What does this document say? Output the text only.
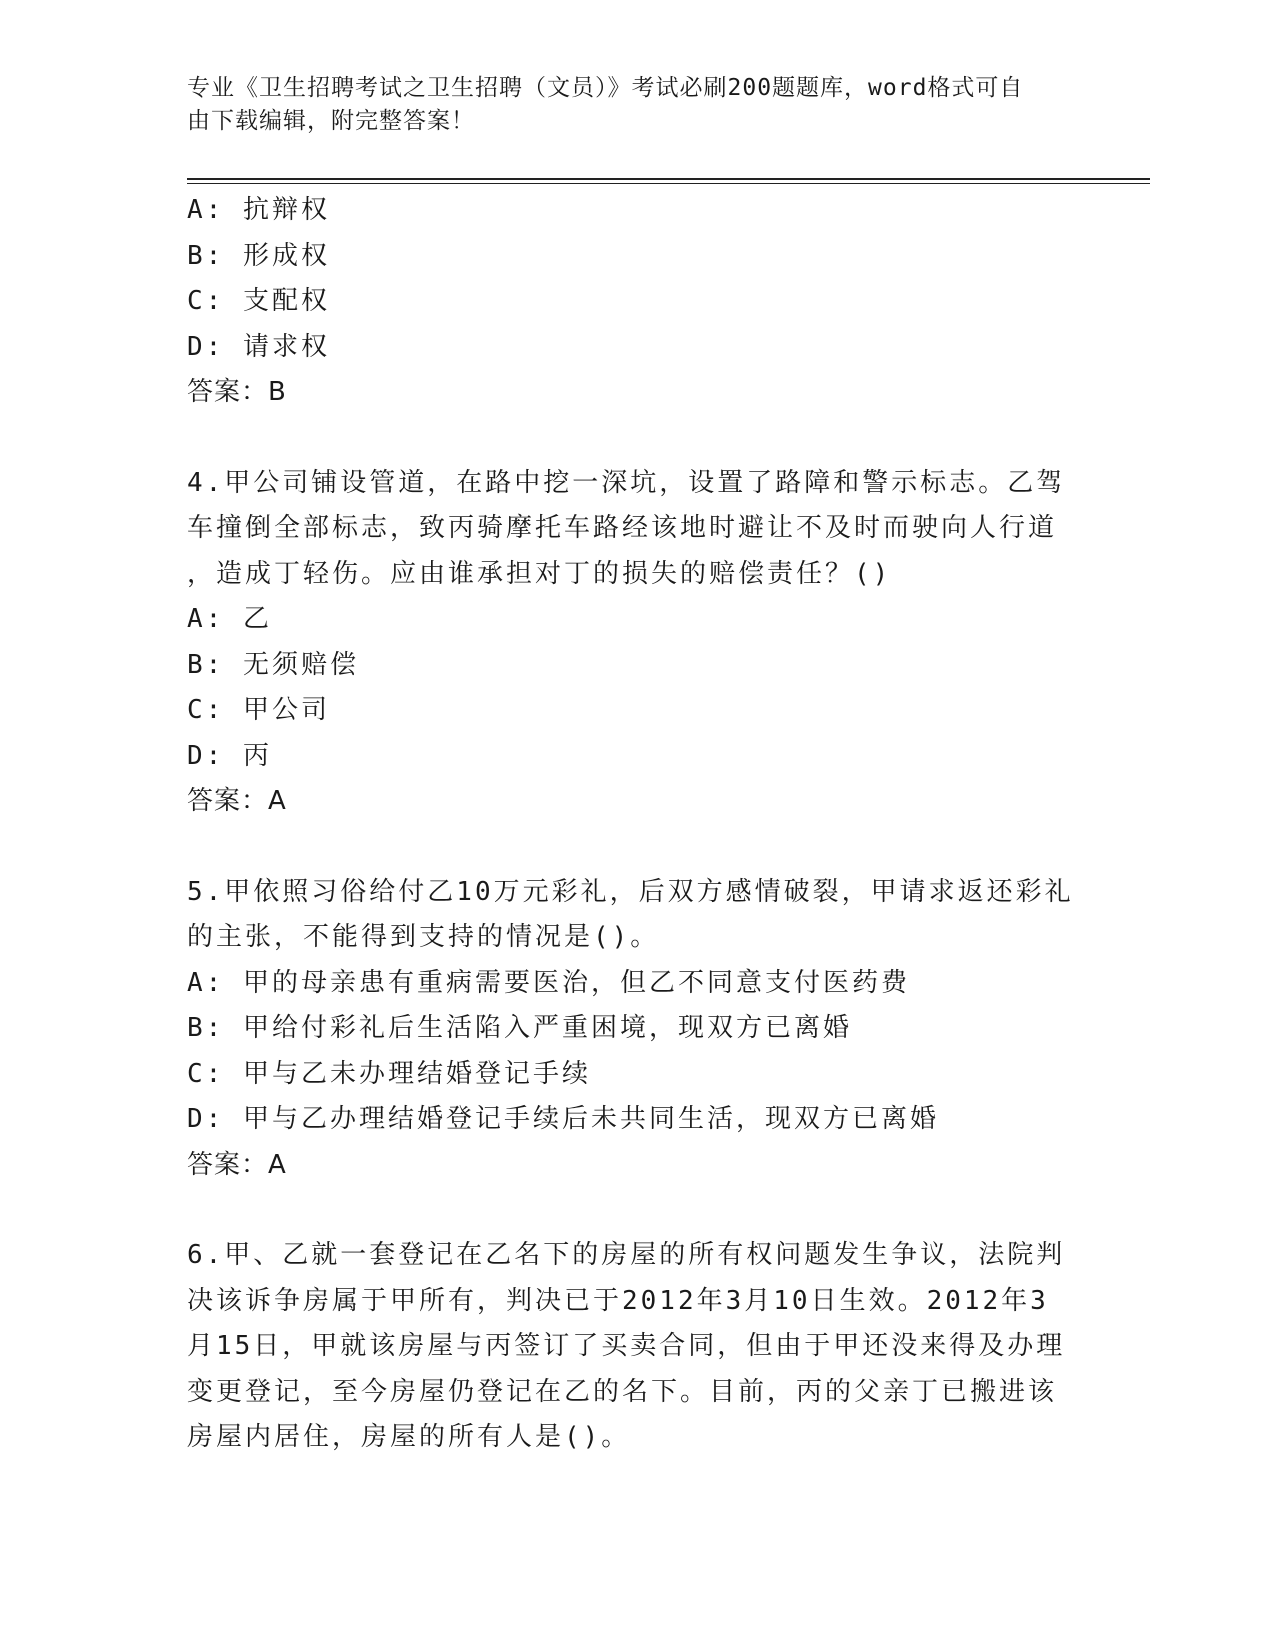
专业《卫生招聘考试之卫生招聘（文员）》考试必刷200题题库，word格式可自
由下载编辑，附完整答案！
A: 抗辩权
B: 形成权
C: 支配权
D: 请求权
答案：B
4.甲公司铺设管道，在路中挖一深坑，设置了路障和警示标志。乙驾
车撞倒全部标志，致丙骑摩托车路经该地时避让不及时而驶向人行道
，造成丁轻伤。应由谁承担对丁的损失的赔偿责任？()
A: 乙
B: 无须赔偿
C: 甲公司
D: 丙
答案：A
5.甲依照习俗给付乙10万元彩礼，后双方感情破裂，甲请求返还彩礼
的主张，不能得到支持的情况是()。
A: 甲的母亲患有重病需要医治，但乙不同意支付医药费
B: 甲给付彩礼后生活陷入严重困境，现双方已离婚
C: 甲与乙未办理结婚登记手续
D: 甲与乙办理结婚登记手续后未共同生活，现双方已离婚
答案：A
6.甲、乙就一套登记在乙名下的房屋的所有权问题发生争议，法院判
决该诉争房属于甲所有，判决已于2012年3月10日生效。2012年3
月15日，甲就该房屋与丙签订了买卖合同，但由于甲还没来得及办理
变更登记，至今房屋仍登记在乙的名下。目前，丙的父亲丁已搬进该
房屋内居住，房屋的所有人是()。
